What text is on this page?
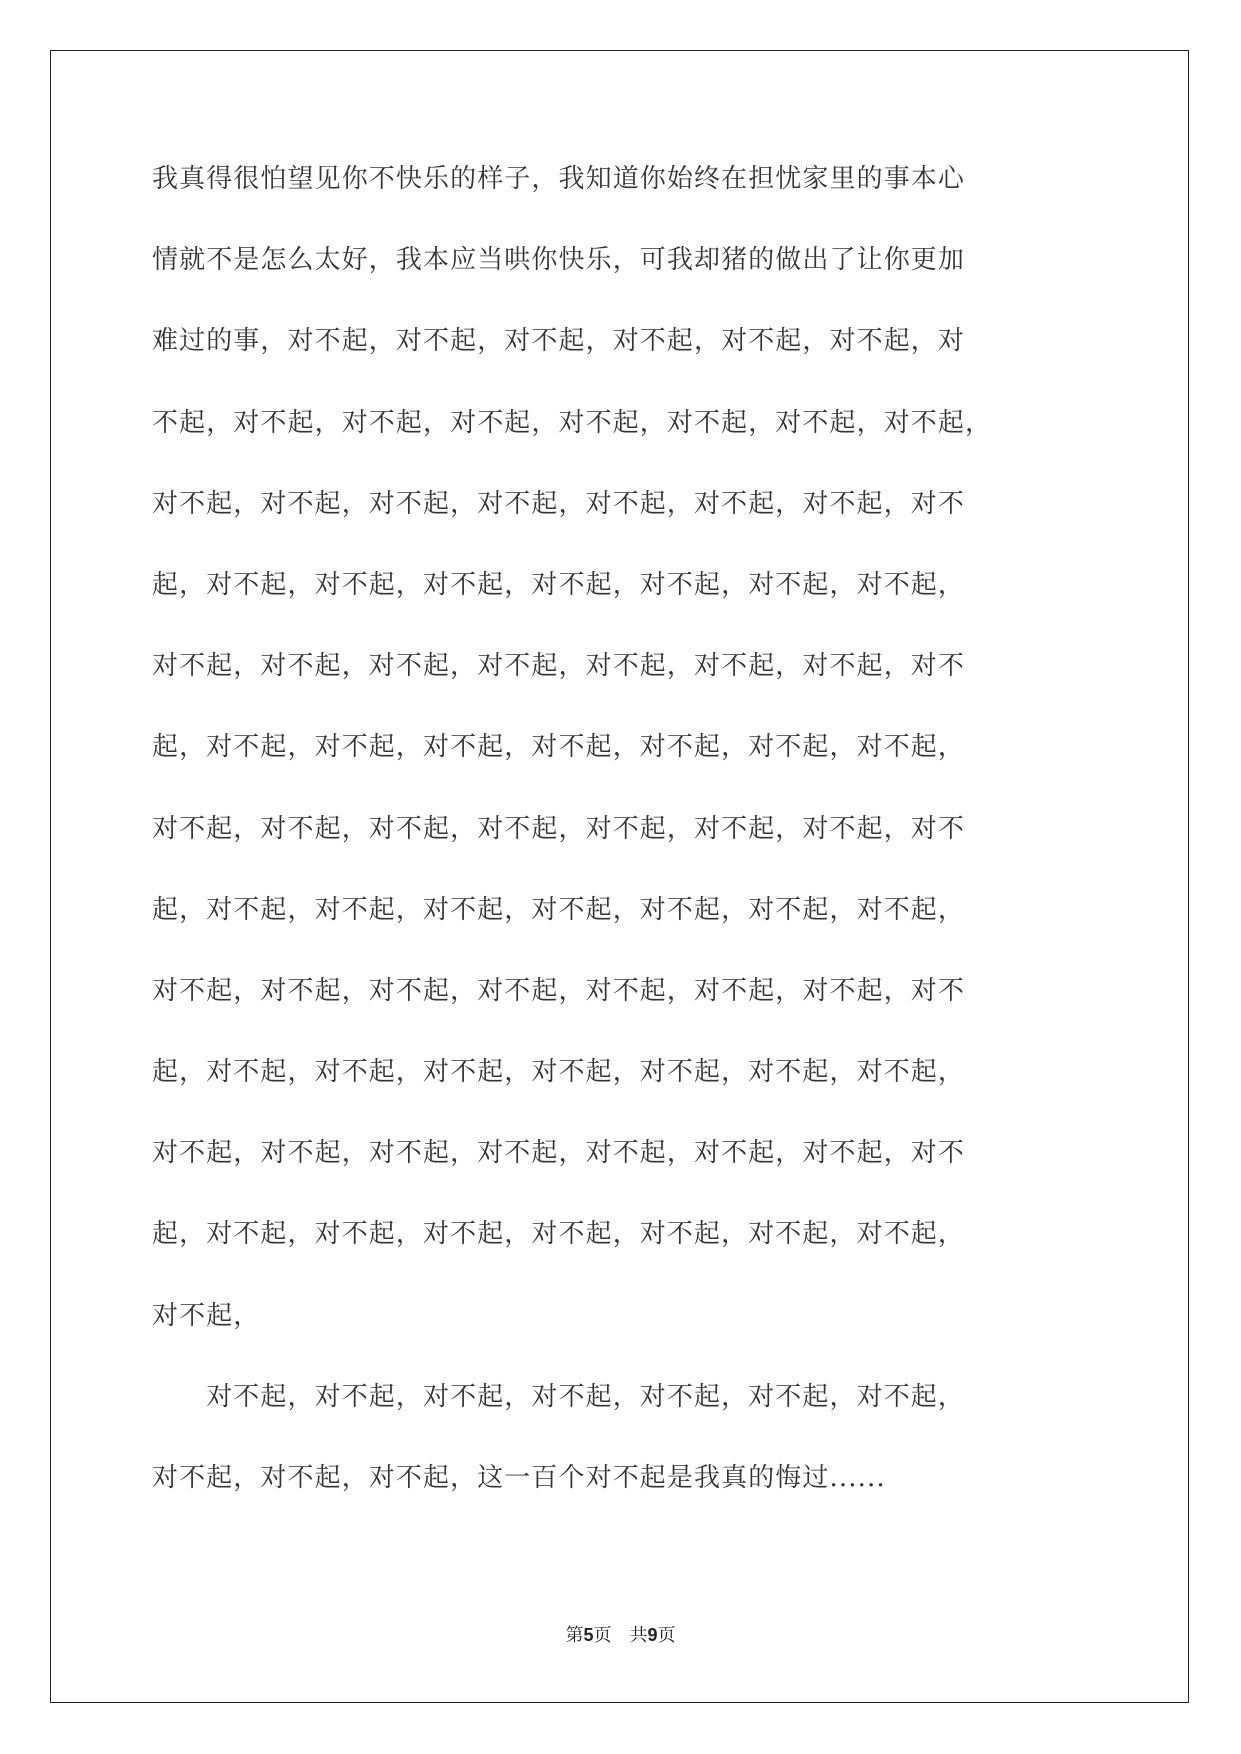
我真得很怕望见你不快乐的样子，我知道你始终在担忧家里的事本心
情就不是怎么太好，我本应当哄你快乐，可我却猪的做出了让你更加
难过的事，对不起，对不起，对不起，对不起，对不起，对不起，对
不起，对不起，对不起，对不起，对不起，对不起，对不起，对不起，
对不起，对不起，对不起，对不起，对不起，对不起，对不起，对不
起，对不起，对不起，对不起，对不起，对不起，对不起，对不起，
对不起，对不起，对不起，对不起，对不起，对不起，对不起，对不
起，对不起，对不起，对不起，对不起，对不起，对不起，对不起，
对不起，对不起，对不起，对不起，对不起，对不起，对不起，对不
起，对不起，对不起，对不起，对不起，对不起，对不起，对不起，
对不起，对不起，对不起，对不起，对不起，对不起，对不起，对不
起，对不起，对不起，对不起，对不起，对不起，对不起，对不起，
对不起，对不起，对不起，对不起，对不起，对不起，对不起，对不
起，对不起，对不起，对不起，对不起，对不起，对不起，对不起，
对不起，
　　对不起，对不起，对不起，对不起，对不起，对不起，对不起，
对不起，对不起，对不起，这一百个对不起是我真的悔过......
第5页 共9页
